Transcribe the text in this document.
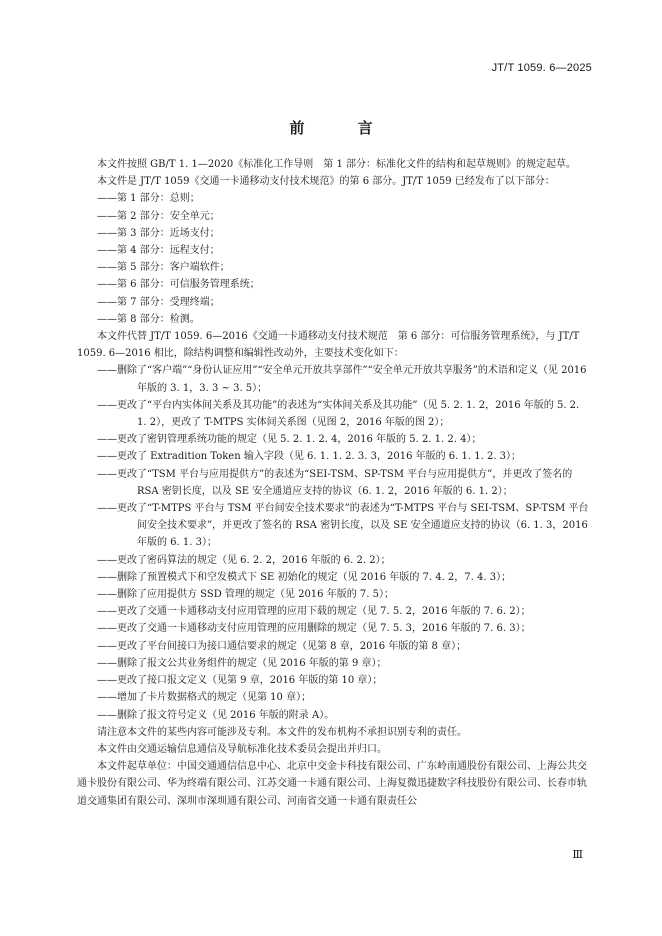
JT/T 1059. 6—2025
前 言

本文件按照 GB/T 1. 1—2020《标准化工作导则　第 1 部分：标准化文件的结构和起草规则》的规定起草。

本文件是 JT/T 1059《交通一卡通移动支付技术规范》的第 6 部分。JT/T 1059 已经发布了以下部分：

——第 1 部分：总则；

——第 2 部分：安全单元；

——第 3 部分：近场支付；

——第 4 部分：远程支付；

——第 5 部分：客户端软件；

——第 6 部分：可信服务管理系统；

——第 7 部分：受理终端；

——第 8 部分：检测。

本文件代替 JT/T 1059. 6—2016《交通一卡通移动支付技术规范　第 6 部分：可信服务管理系统》，与 JT/T 1059. 6—2016 相比，除结构调整和编辑性改动外，主要技术变化如下：

——删除了“客户端”“身份认证应用”“安全单元开放共享部件”“安全单元开放共享服务”的术语和定义（见 2016 年版的 3. 1，3. 3 ~ 3. 5）；

——更改了“平台内实体间关系及其功能”的表述为“实体间关系及其功能”（见 5. 2. 1. 2，2016 年版的 5. 2. 1. 2），更改了 T-MTPS 实体间关系图（见图 2，2016 年版的图 2）；

——更改了密钥管理系统功能的规定（见 5. 2. 1. 2. 4，2016 年版的 5. 2. 1. 2. 4）；

——更改了 Extradition Token 输入字段（见 6. 1. 1. 2. 3. 3，2016 年版的 6. 1. 1. 2. 3）；

——更改了“TSM 平台与应用提供方”的表述为“SEI-TSM、SP-TSM 平台与应用提供方”，并更改了签名的 RSA 密钥长度，以及 SE 安全通道应支持的协议（6. 1. 2，2016 年版的 6. 1. 2）；

——更改了“T-MTPS 平台与 TSM 平台间安全技术要求”的表述为“T-MTPS 平台与 SEI-TSM、SP-TSM 平台间安全技术要求”，并更改了签名的 RSA 密钥长度，以及 SE 安全通道应支持的协议（6. 1. 3，2016 年版的 6. 1. 3）；

——更改了密码算法的规定（见 6. 2. 2，2016 年版的 6. 2. 2）；

——删除了预置模式下和空发模式下 SE 初始化的规定（见 2016 年版的 7. 4. 2，7. 4. 3）；

——删除了应用提供方 SSD 管理的规定（见 2016 年版的 7. 5）；

——更改了交通一卡通移动支付应用管理的应用下载的规定（见 7. 5. 2，2016 年版的 7. 6. 2）；

——更改了交通一卡通移动支付应用管理的应用删除的规定（见 7. 5. 3，2016 年版的 7. 6. 3）；

——更改了平台间接口为接口通信要求的规定（见第 8 章，2016 年版的第 8 章）；

——删除了报文公共业务组件的规定（见 2016 年版的第 9 章）；

——更改了接口报文定义（见第 9 章，2016 年版的第 10 章）；

——增加了卡片数据格式的规定（见第 10 章）；

——删除了报文符号定义（见 2016 年版的附录 A）。

请注意本文件的某些内容可能涉及专利。本文件的发布机构不承担识别专利的责任。

本文件由交通运输信息通信及导航标准化技术委员会提出并归口。

本文件起草单位：中国交通通信信息中心、北京中交金卡科技有限公司、广东岭南通股份有限公司、上海公共交通卡股份有限公司、华为终端有限公司、江苏交通一卡通有限公司、上海复微迅捷数字科技股份有限公司、长春市轨道交通集团有限公司、深圳市深圳通有限公司、河南省交通一卡通有限责任公

Ⅲ
